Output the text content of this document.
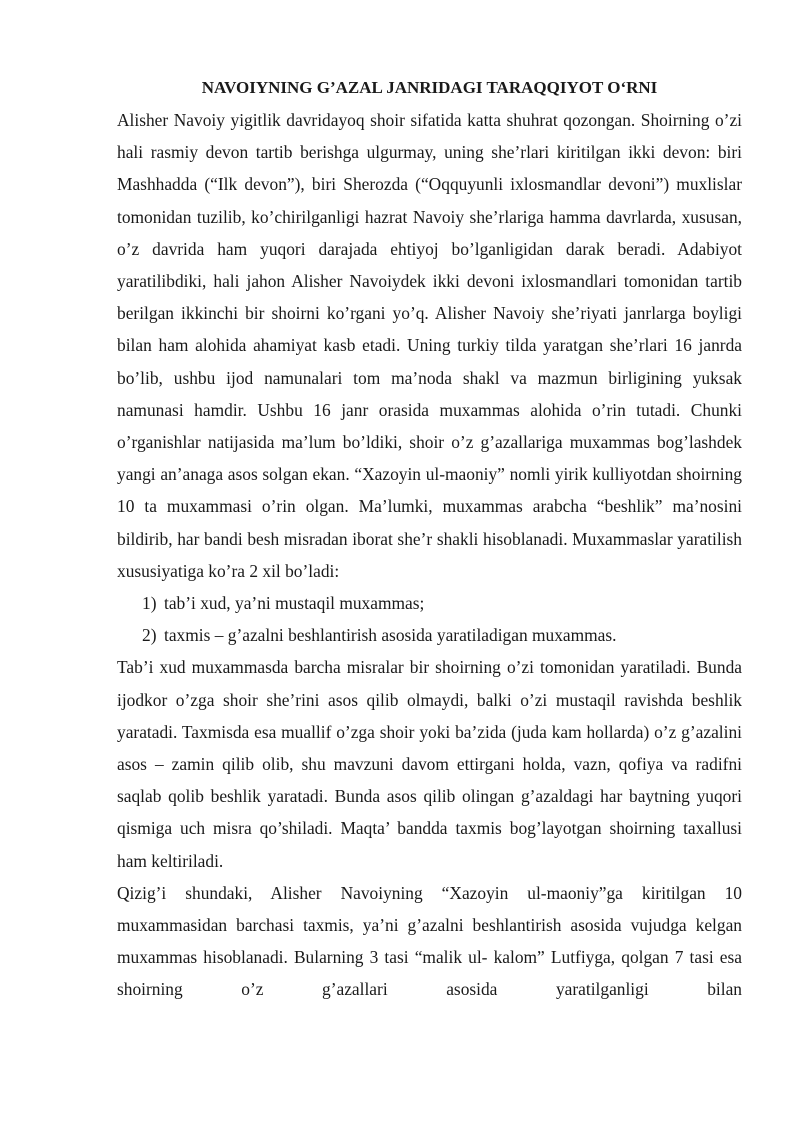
NAVOIYNING G’AZAL JANRIDAGI TARAQQIYOT O‘RNI

Alisher Navoiy yigitlik davridayoq shoir sifatida katta shuhrat qozongan. Shoirning o’zi hali rasmiy devon tartib berishga ulgurmay, uning she’rlari kiritilgan ikki devon: biri Mashhadda (“Ilk devon”), biri Sherozda (“Oqquyunli ixlosmandlar devoni”) muxlislar tomonidan tuzilib, ko’chirilganligi hazrat Navoiy she’rlariga hamma davrlarda, xususan, o’z davrida ham yuqori darajada ehtiyoj bo’lganligidan darak beradi. Adabiyot yaratilibdiki, hali jahon Alisher Navoiydek ikki devoni ixlosmandlari tomonidan tartib berilgan ikkinchi bir shoirni ko’rgani yo’q. Alisher Navoiy she’riyati janrlarga boyligi bilan ham alohida ahamiyat kasb etadi. Uning turkiy tilda yaratgan she’rlari 16 janrda bo’lib, ushbu ijod namunalari tom ma’noda shakl va mazmun birligining yuksak namunasi hamdir. Ushbu 16 janr orasida muxammas alohida o’rin tutadi. Chunki o’rganishlar natijasida ma’lum bo’ldiki, shoir o’z g’azallariga muxammas bog’lashdek yangi an’anaga asos solgan ekan. “Xazoyin ul-maoniy” nomli yirik kulliyotdan shoirning 10 ta muxammasi o’rin olgan. Ma’lumki, muxammas arabcha “beshlik” ma’nosini bildirib, har bandi besh misradan iborat she’r shakli hisoblanadi. Muxammaslar yaratilish xususiyatiga ko’ra 2 xil bo’ladi:

1) tab’i xud, ya’ni mustaqil muxammas;
2) taxmis – g’azalni beshlantirish asosida yaratiladigan muxammas.

Tab’i xud muxammasda barcha misralar bir shoirning o’zi tomonidan yaratiladi. Bunda ijodkor o’zga shoir she’rini asos qilib olmaydi, balki o’zi mustaqil ravishda beshlik yaratadi. Taxmisda esa muallif o’zga shoir yoki ba’zida (juda kam hollarda) o’z g’azalini asos – zamin qilib olib, shu mavzuni davom ettirgani holda, vazn, qofiya va radifni saqlab qolib beshlik yaratadi. Bunda asos qilib olingan g’azaldagi har baytning yuqori qismiga uch misra qo’shiladi. Maqta’ bandda taxmis bog’layotgan shoirning taxallusi ham keltiriladi.

Qizig’i shundaki, Alisher Navoiyning “Xazoyin ul-maoniy”ga kiritilgan 10 muxammasidan barchasi taxmis, ya’ni g’azalni beshlantirish asosida vujudga kelgan muxammas hisoblanadi. Bularning 3 tasi “malik ul- kalom” Lutfiyga, qolgan 7 tasi esa shoirning o’z g’azallari asosida yaratilganligi bilan
